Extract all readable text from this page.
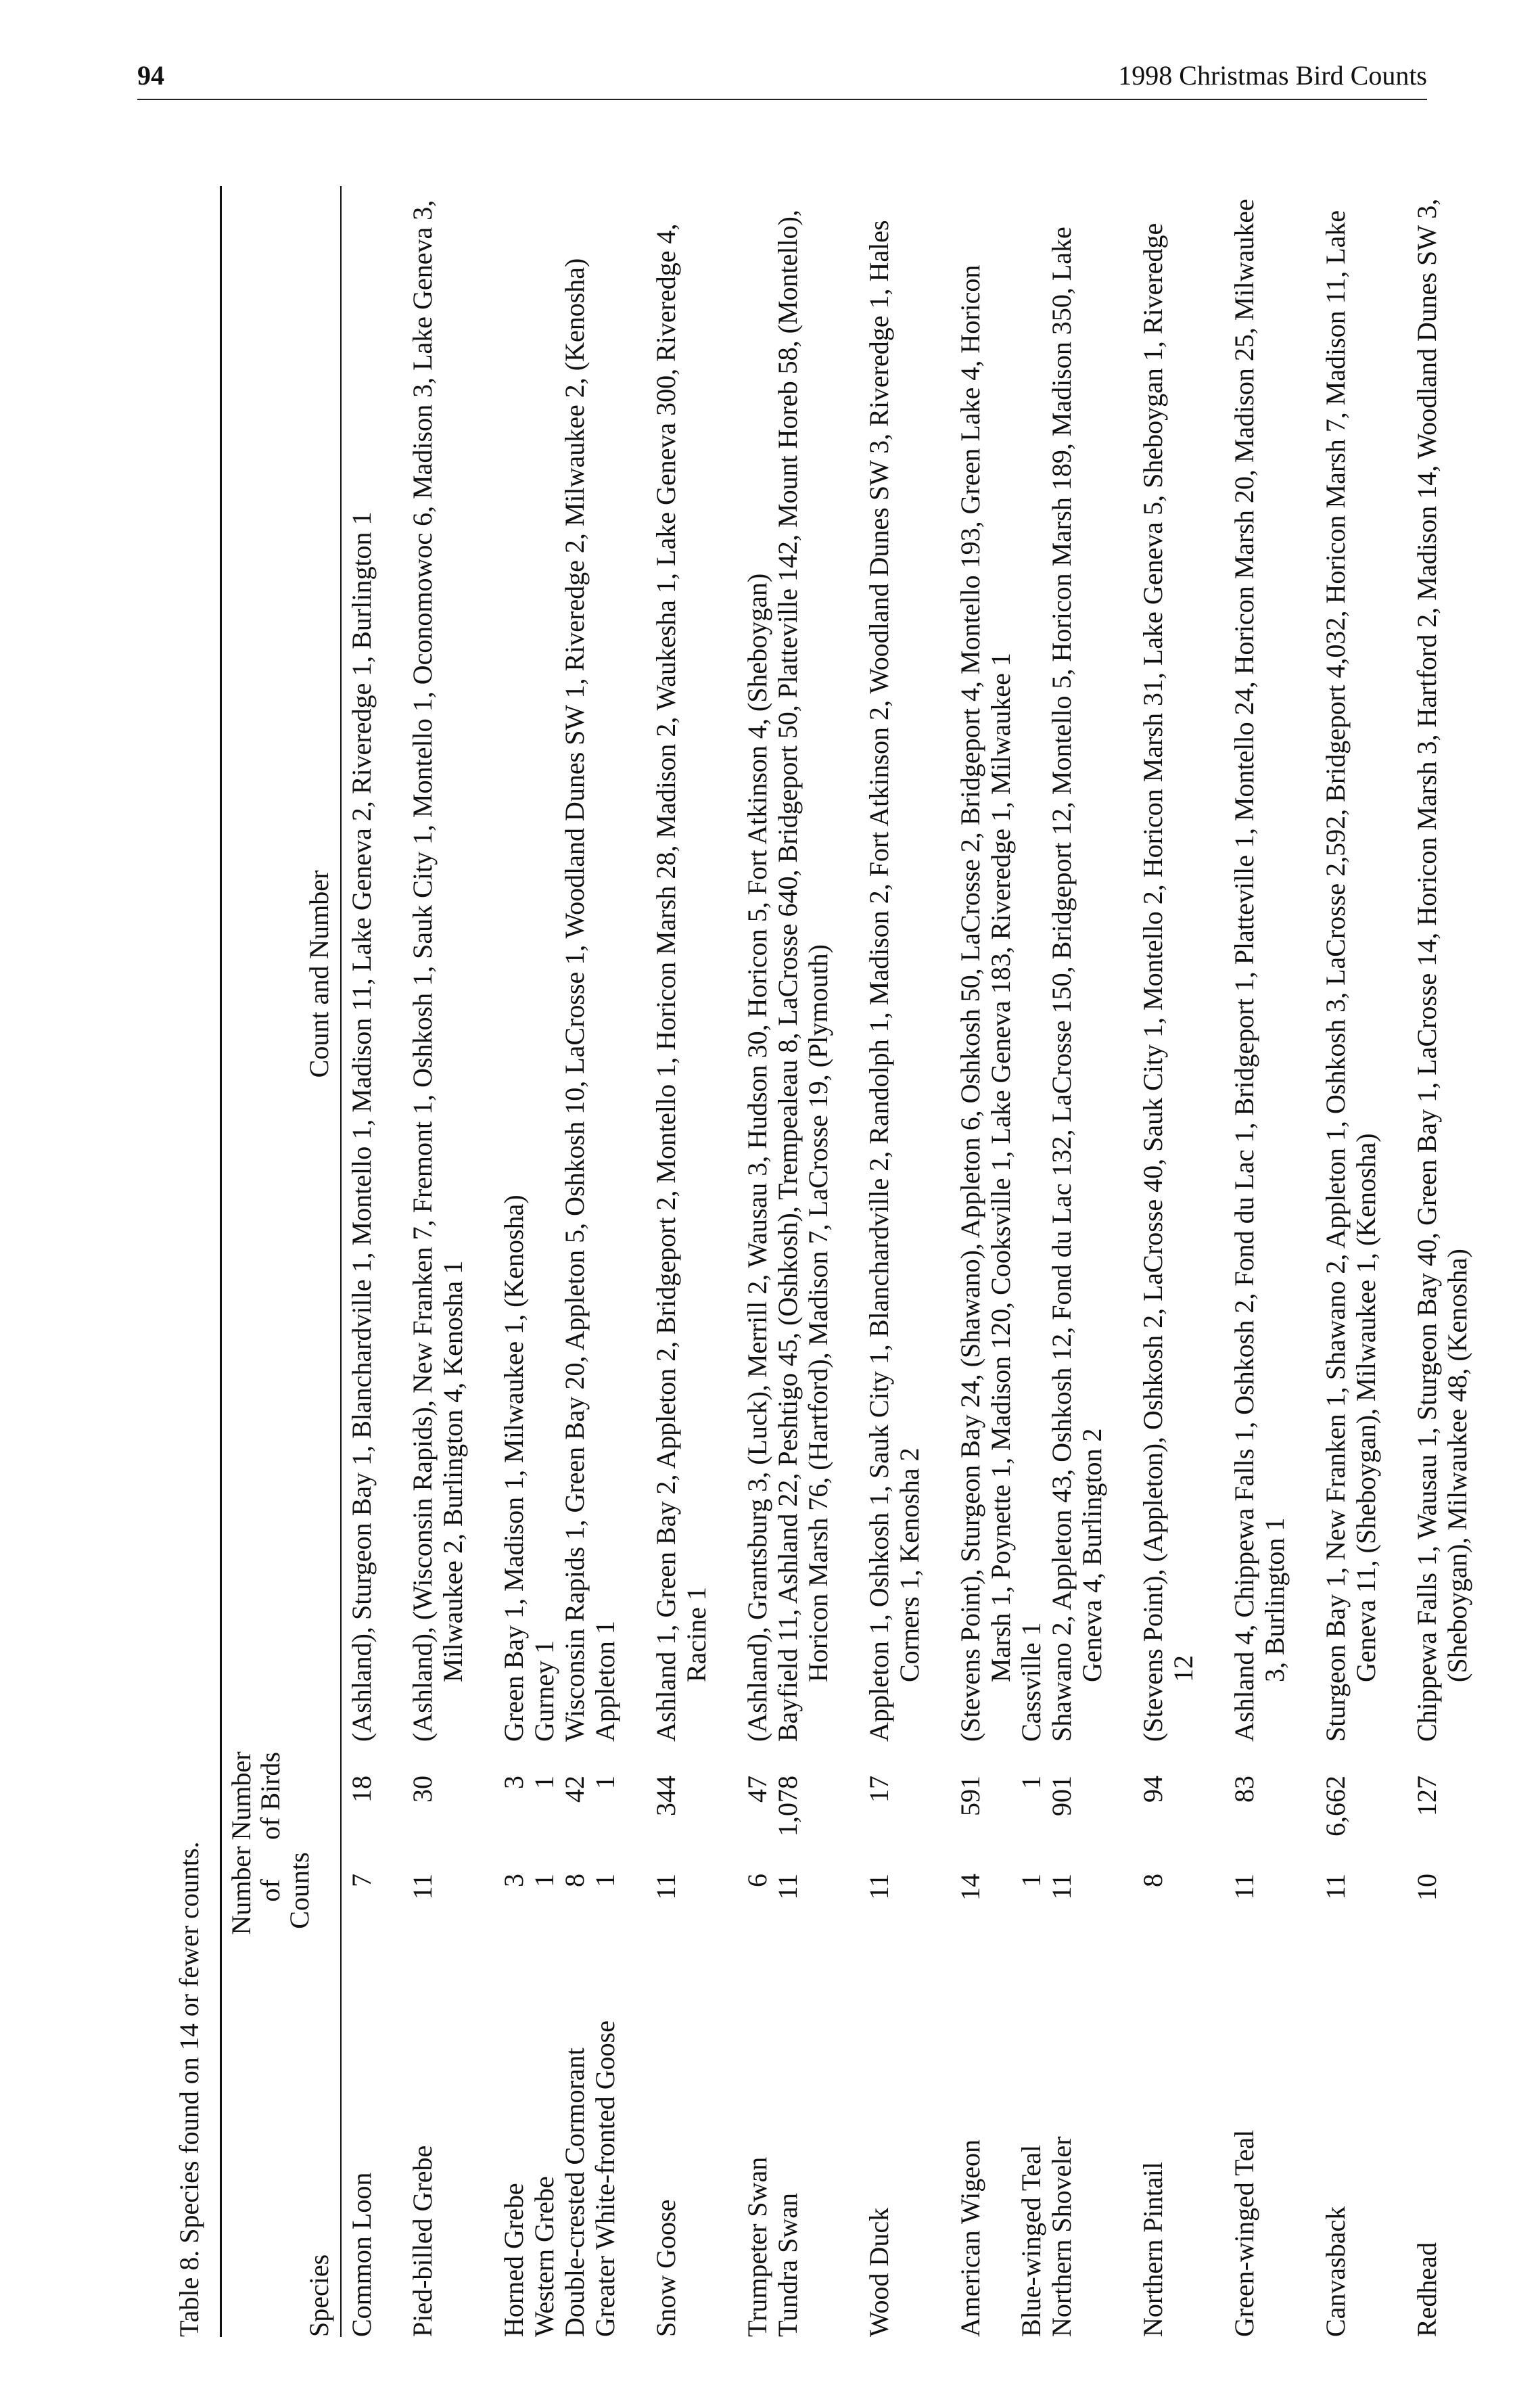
94	1998 Christmas Bird Counts
Table 8. Species found on 14 or fewer counts.	Species
Number of Counts
Number of Birds
Count and Number
Common Loon
7
18
(Ashland), Sturgeon Bay 1, Blanchardville 1, Montello 1, Madison 11, Lake Geneva 2, Riveredge 1, Burlington 1
Pied-billed Grebe
11
30
(Ashland), (Wisconsin Rapids), New Franken 7, Fremont 1, Oshkosh 1, Sauk City 1, Montello 1, Oconomowoc 6, Madison 3, Lake Geneva 3, Milwaukee 2, Burlington 4, Kenosha 1
Horned Grebe
3
3
Green Bay 1, Madison 1, Milwaukee 1, (Kenosha)
Western Grebe
1
1
Gurney 1
Double-crested Cormorant
8
42
Wisconsin Rapids 1, Green Bay 20, Appleton 5, Oshkosh 10, LaCrosse 1, Woodland Dunes SW 1, Riveredge 2, Milwaukee 2, (Kenosha)
Greater White-fronted Goose
1
1
Appleton 1
Snow Goose
11
344
Ashland 1, Green Bay 2, Appleton 2, Bridgeport 2, Montello 1, Horicon Marsh 28, Madison 2, Waukesha 1, Lake Geneva 300, Riveredge 4, Racine 1
Trumpeter Swan
6
47
(Ashland), Grantsburg 3, (Luck), Merrill 2, Wausau 3, Hudson 30, Horicon 5, Fort Atkinson 4, (Sheboygan)
Tundra Swan
11
1,078
Bayfield 11, Ashland 22, Peshtigo 45, (Oshkosh), Trempealeau 8, LaCrosse 640, Bridgeport 50, Platteville 142, Mount Horeb 58, (Montello), Horicon Marsh 76, (Hartford), Madison 7, LaCrosse 19, (Plymouth)
Wood Duck
11
17
Appleton 1, Oshkosh 1, Sauk City 1, Blanchardville 2, Randolph 1, Madison 2, Fort Atkinson 2, Woodland Dunes SW 3, Riveredge 1, Hales Corners 1, Kenosha 2
American Wigeon
14
591
(Stevens Point), Sturgeon Bay 24, (Shawano), Appleton 6, Oshkosh 50, LaCrosse 2, Bridgeport 4, Montello 193, Green Lake 4, Horicon Marsh 1, Poynette 1, Madison 120, Cooksville 1, Lake Geneva 183, Riveredge 1, Milwaukee 1
Blue-winged Teal
1
1
Cassville 1
Northern Shoveler
11
901
Shawano 2, Appleton 43, Oshkosh 12, Fond du Lac 132, LaCrosse 150, Bridgeport 12, Montello 5, Horicon Marsh 189, Madison 350, Lake Geneva 4, Burlington 2
Northern Pintail
8
94
(Stevens Point), (Appleton), Oshkosh 2, LaCrosse 40, Sauk City 1, Montello 2, Horicon Marsh 31, Lake Geneva 5, Sheboygan 1, Riveredge 12
Green-winged Teal
11
83
Ashland 4, Chippewa Falls 1, Oshkosh 2, Fond du Lac 1, Bridgeport 1, Platteville 1, Montello 24, Horicon Marsh 20, Madison 25, Milwaukee 3, Burlington 1
Canvasback
11
6,662
Sturgeon Bay 1, New Franken 1, Shawano 2, Appleton 1, Oshkosh 3, LaCrosse 2,592, Bridgeport 4,032, Horicon Marsh 7, Madison 11, Lake Geneva 11, (Sheboygan), Milwaukee 1, (Kenosha)
Redhead
10
127
Chippewa Falls 1, Wausau 1, Sturgeon Bay 40, Green Bay 1, LaCrosse 14, Horicon Marsh 3, Hartford 2, Madison 14, Woodland Dunes SW 3, (Sheboygan), Milwaukee 48, (Kenosha)
